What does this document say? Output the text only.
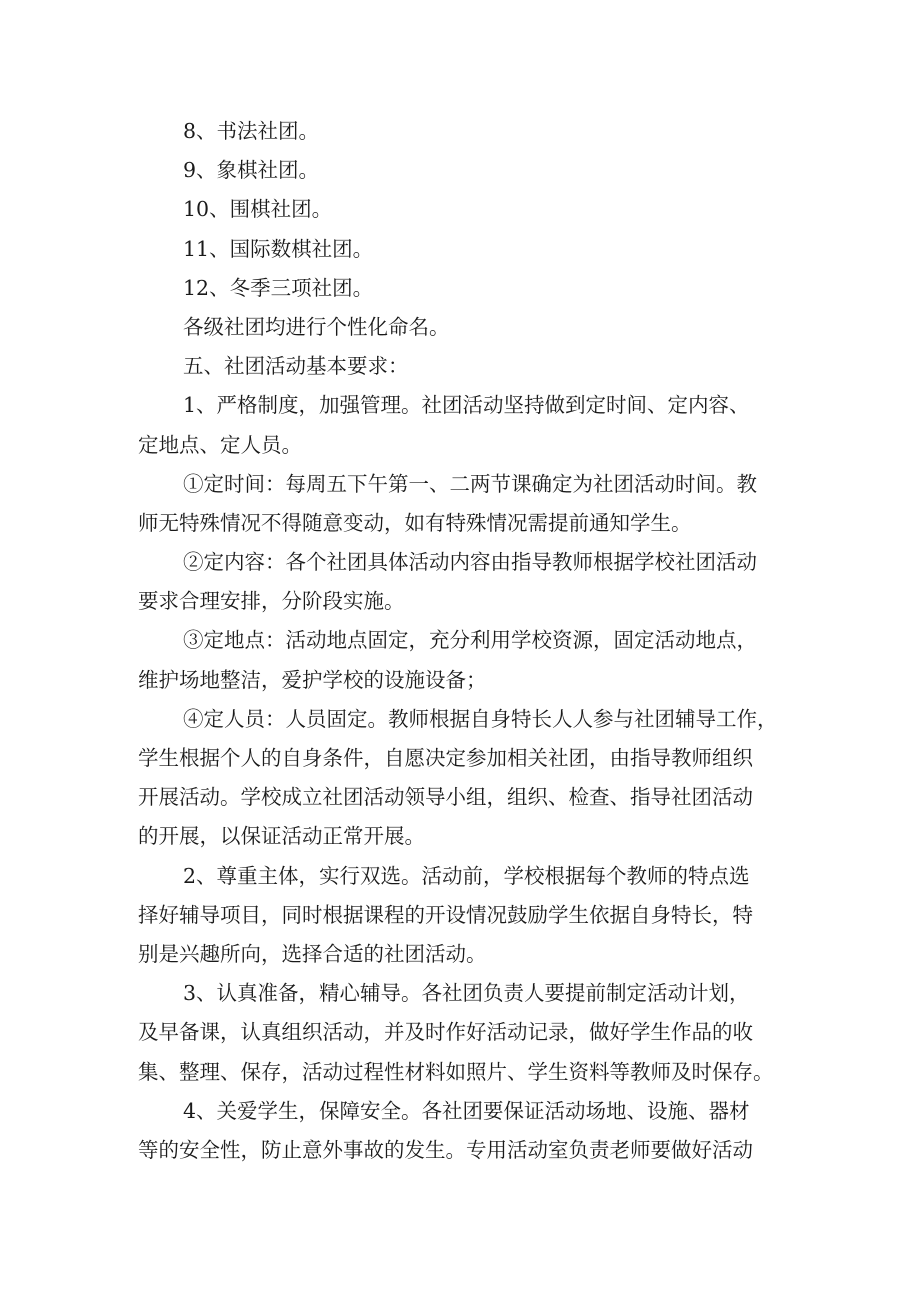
8、书法社团。
9、象棋社团。
10、围棋社团。
11、国际数棋社团。
12、冬季三项社团。
各级社团均进行个性化命名。
五、社团活动基本要求：
1、严格制度，加强管理。社团活动坚持做到定时间、定内容、
定地点、定人员。
①定时间：每周五下午第一、二两节课确定为社团活动时间。教
师无特殊情况不得随意变动，如有特殊情况需提前通知学生。
②定内容：各个社团具体活动内容由指导教师根据学校社团活动
要求合理安排，分阶段实施。
③定地点：活动地点固定，充分利用学校资源，固定活动地点，
维护场地整洁，爱护学校的设施设备；
④定人员：人员固定。教师根据自身特长人人参与社团辅导工作，
学生根据个人的自身条件，自愿决定参加相关社团，由指导教师组织
开展活动。学校成立社团活动领导小组，组织、检查、指导社团活动
的开展，以保证活动正常开展。
2、尊重主体，实行双选。活动前，学校根据每个教师的特点选
择好辅导项目，同时根据课程的开设情况鼓励学生依据自身特长，特
别是兴趣所向，选择合适的社团活动。
3、认真准备，精心辅导。各社团负责人要提前制定活动计划，
及早备课，认真组织活动，并及时作好活动记录，做好学生作品的收
集、整理、保存，活动过程性材料如照片、学生资料等教师及时保存。
4、关爱学生，保障安全。各社团要保证活动场地、设施、器材
等的安全性，防止意外事故的发生。专用活动室负责老师要做好活动
